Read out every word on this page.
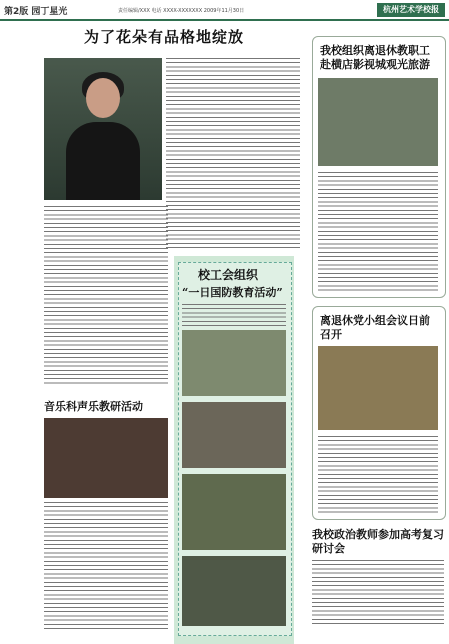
第2版 园丁星光	责任编辑/XXX 电话 XXXX-XXXXXXX 2009年11月30日	杭州艺术学校报
为了花朵有品格地绽放
音乐科声乐教研活动
校工会组织
“一日国防教育活动”
我校组织离退休教职工赴横店影视城观光旅游
离退休党小组会议日前召开
我校政治教师参加高考复习研讨会
